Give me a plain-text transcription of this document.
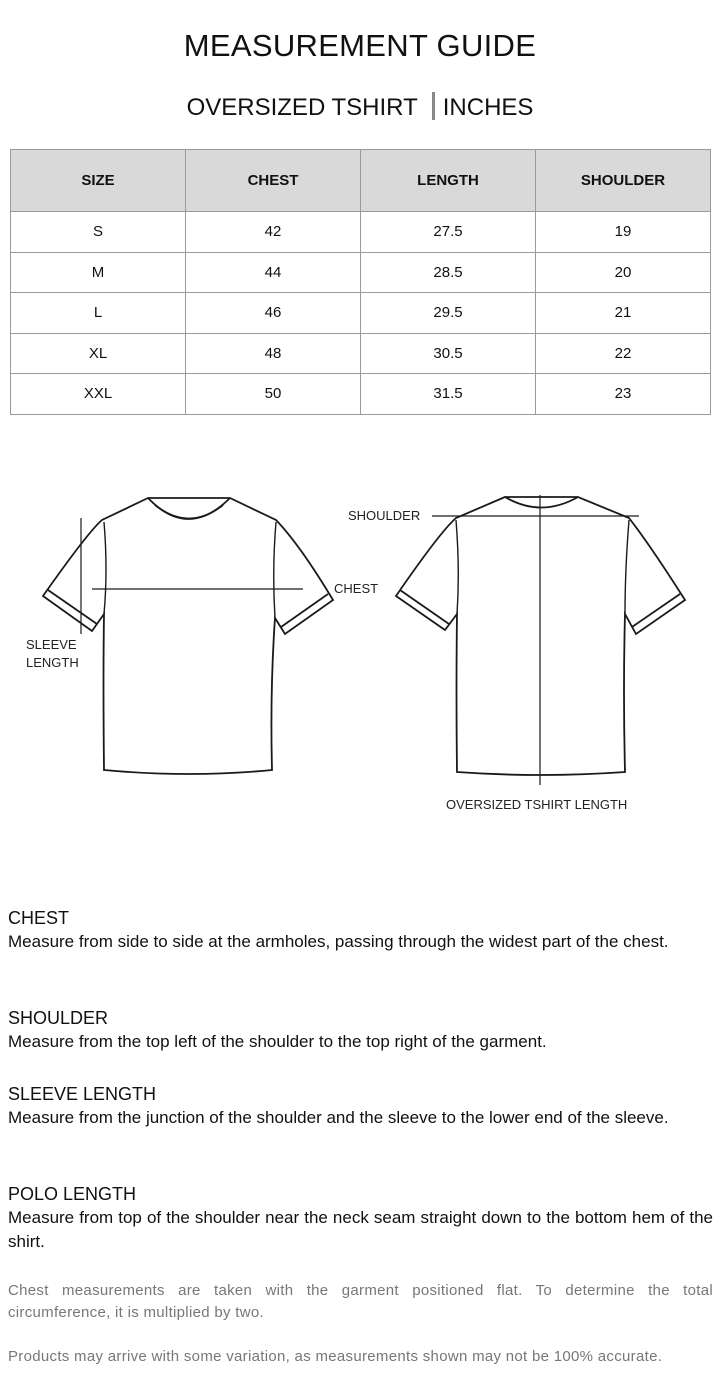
MEASUREMENT GUIDE
OVERSIZED TSHIRT INCHES
SIZE	CHEST	LENGTH	SHOULDER
S	42	27.5	19
M	44	28.5	20
L	46	29.5	21
XL	48	30.5	22
XXL	50	31.5	23
SLEEVE
LENGTH
CHEST
SHOULDER
OVERSIZED TSHIRT LENGTH
CHEST

Measure from side to side at the armholes, passing through the widest part of the chest.

SHOULDER

Measure from the top left of the shoulder to the top right of the garment.

SLEEVE LENGTH

Measure from the junction of the shoulder and the sleeve to the lower end of the sleeve.

POLO LENGTH

Measure from top of the shoulder near the neck seam straight down to the bottom hem of the shirt.

Chest measurements are taken with the garment positioned flat. To determine the total circumference, it is multiplied by two.
Products may arrive with some variation, as measurements shown may not be 100% accurate.
